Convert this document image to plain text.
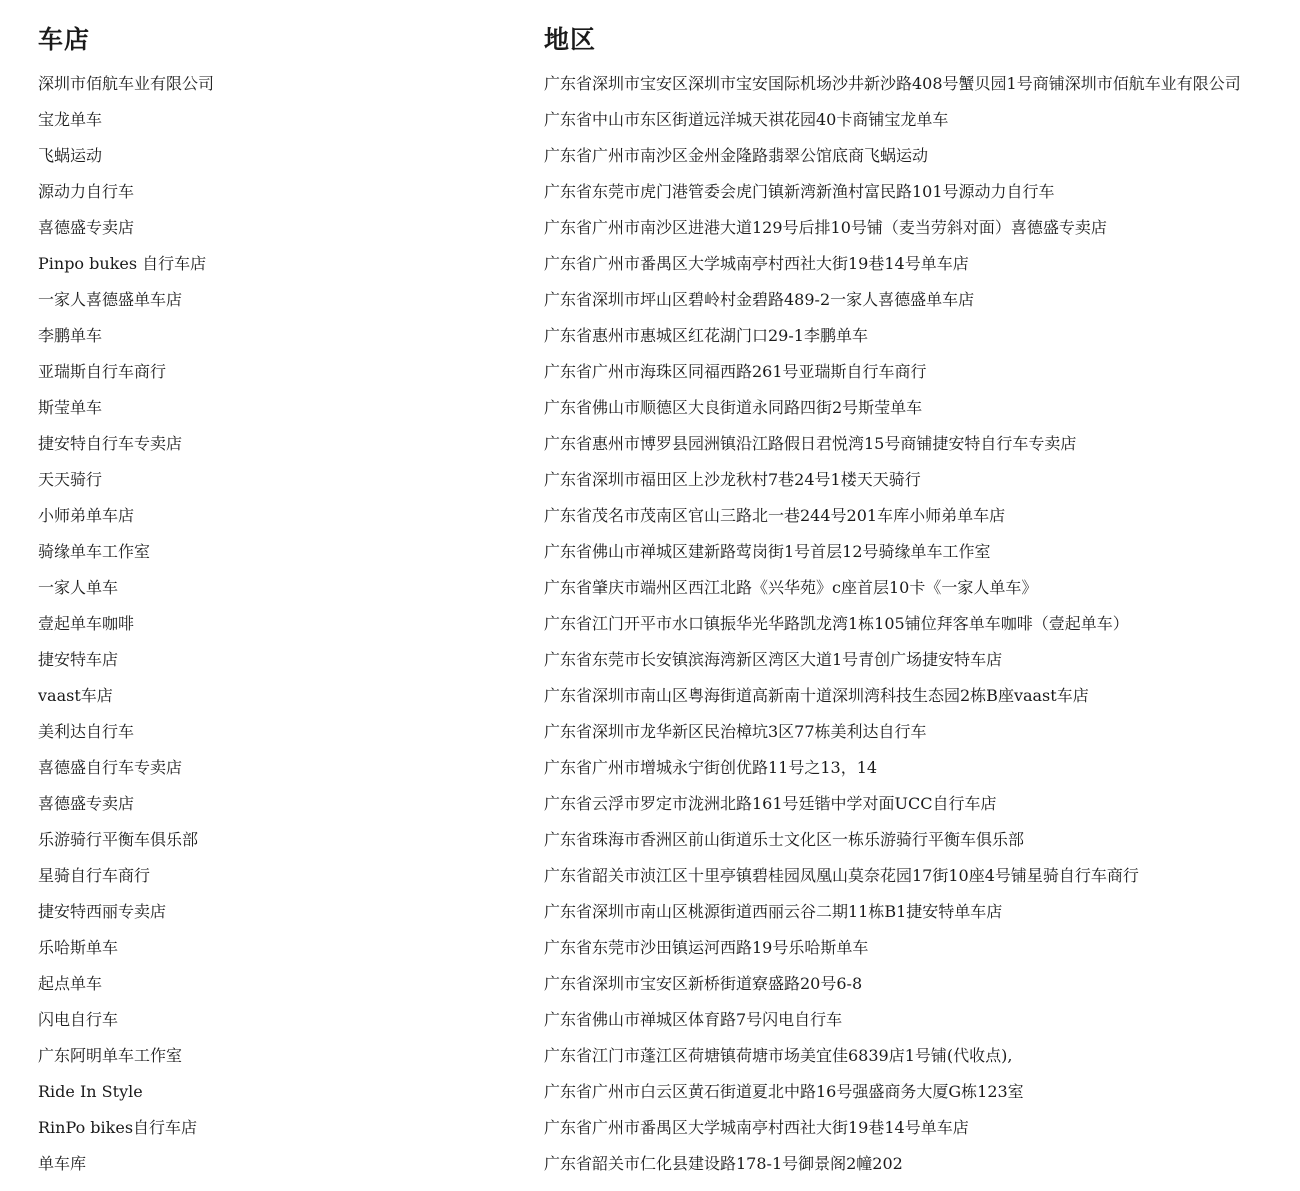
车店	地区
深圳市佰航车业有限公司	广东省深圳市宝安区深圳市宝安国际机场沙井新沙路408号蟹贝园1号商铺深圳市佰航车业有限公司
宝龙单车	广东省中山市东区街道远洋城天祺花园40卡商铺宝龙单车
飞蜗运动	广东省广州市南沙区金州金隆路翡翠公馆底商飞蜗运动
源动力自行车	广东省东莞市虎门港管委会虎门镇新湾新渔村富民路101号源动力自行车
喜德盛专卖店	广东省广州市南沙区进港大道129号后排10号铺（麦当劳斜对面）喜德盛专卖店
Pinpo bukes 自行车店	广东省广州市番禺区大学城南亭村西社大街19巷14号单车店
一家人喜德盛单车店	广东省深圳市坪山区碧岭村金碧路489-2一家人喜德盛单车店
李鹏单车	广东省惠州市惠城区红花湖门口29-1李鹏单车
亚瑞斯自行车商行	广东省广州市海珠区同福西路261号亚瑞斯自行车商行
斯莹单车	广东省佛山市顺德区大良街道永同路四街2号斯莹单车
捷安特自行车专卖店	广东省惠州市博罗县园洲镇沿江路假日君悦湾15号商铺捷安特自行车专卖店
天天骑行	广东省深圳市福田区上沙龙秋村7巷24号1楼天天骑行
小师弟单车店	广东省茂名市茂南区官山三路北一巷244号201车库小师弟单车店
骑缘单车工作室	广东省佛山市禅城区建新路莺岗街1号首层12号骑缘单车工作室
一家人单车	广东省肇庆市端州区西江北路《兴华苑》c座首层10卡《一家人单车》
壹起单车咖啡	广东省江门开平市水口镇振华光华路凯龙湾1栋105铺位拜客单车咖啡（壹起单车）
捷安特车店	广东省东莞市长安镇滨海湾新区湾区大道1号青创广场捷安特车店
vaast车店	广东省深圳市南山区粤海街道高新南十道深圳湾科技生态园2栋B座vaast车店
美利达自行车	广东省深圳市龙华新区民治樟坑3区77栋美利达自行车
喜德盛自行车专卖店	广东省广州市增城永宁街创优路11号之13，14
喜德盛专卖店	广东省云浮市罗定市泷洲北路161号廷锴中学对面UCC自行车店
乐游骑行平衡车俱乐部	广东省珠海市香洲区前山街道乐士文化区一栋乐游骑行平衡车俱乐部
星骑自行车商行	广东省韶关市浈江区十里亭镇碧桂园凤凰山莫奈花园17街10座4号铺星骑自行车商行
捷安特西丽专卖店	广东省深圳市南山区桃源街道西丽云谷二期11栋B1捷安特单车店
乐哈斯单车	广东省东莞市沙田镇运河西路19号乐哈斯单车
起点单车	广东省深圳市宝安区新桥街道寮盛路20号6-8
闪电自行车	广东省佛山市禅城区体育路7号闪电自行车
广东阿明单车工作室	广东省江门市蓬江区荷塘镇荷塘市场美宜佳6839店1号铺(代收点),
Ride In Style	广东省广州市白云区黄石街道夏北中路16号强盛商务大厦G栋123室
RinPo bikes自行车店	广东省广州市番禺区大学城南亭村西社大街19巷14号单车店
单车库	广东省韶关市仁化县建设路178-1号御景阁2幢202
